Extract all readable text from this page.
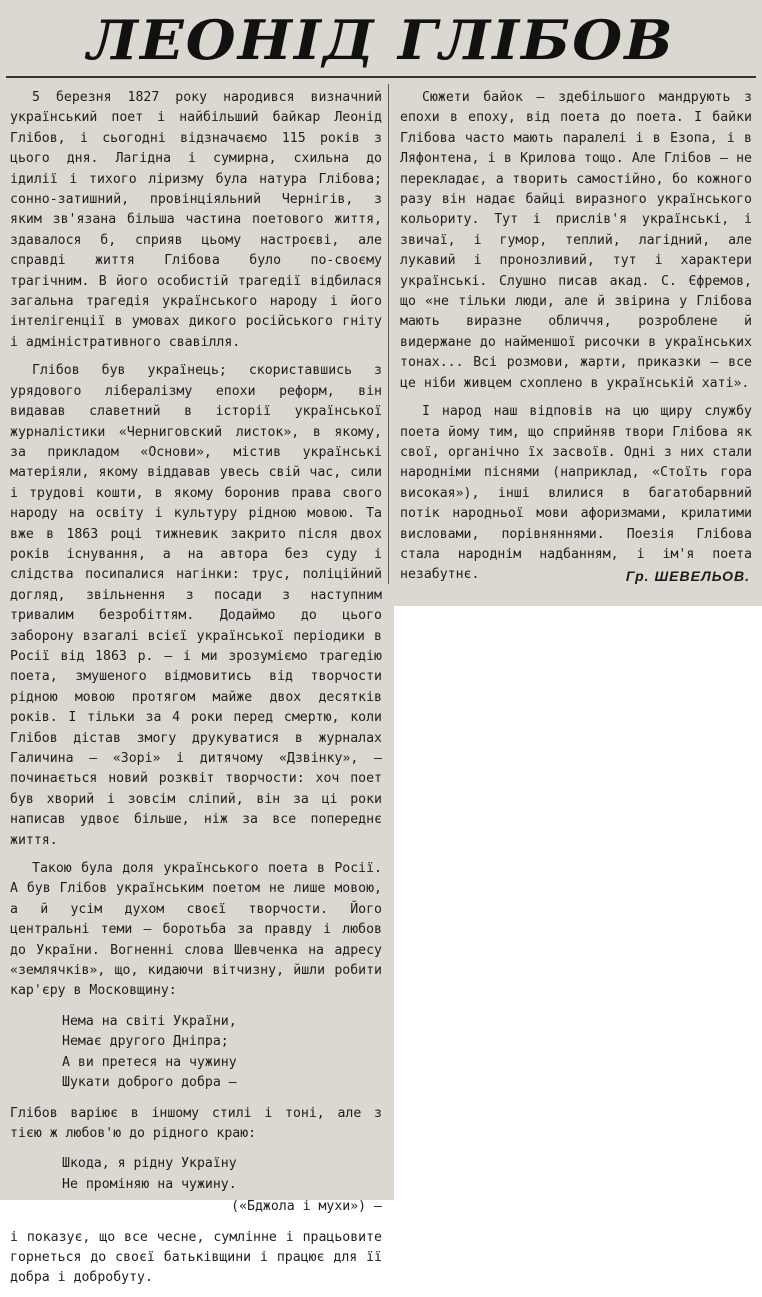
ЛЕОНІД ГЛІБОВ

5 березня 1827 року народився визначний український поет і найбільший байкар Леонід Глібов, і сьогодні відзначаємо 115 років з цього дня. Лагідна і сумирна, схильна до ідилії і тихого ліризму була натура Глібова; сонно-затишний, провінціяльний Чернігів, з яким зв'язана більша частина поетового життя, здавалося б, сприяв цьому настроєві, але справді життя Глібова було по-своєму трагічним. В його особистій трагедії відбилася загальна трагедія українського народу і його інтелігенції в умовах дикого російського гніту і адміністративного свавілля.

Глібов був українець; скориставшись з урядового лібералізму епохи реформ, він видавав славетний в історії української журналістики «Черниговский листок», в якому, за прикладом «Основи», містив українські матеріяли, якому віддавав увесь свій час, сили і трудові кошти, в якому боронив права свого народу на освіту і культуру рідною мовою. Та вже в 1863 році тижневик закрито після двох років існування, а на автора без суду і слідства посипалися нагінки: трус, поліційний догляд, звільнення з посади з наступним тривалим безробіттям. Додаймо до цього заборону взагалі всієї української періодики в Росії від 1863 р. — і ми зрозуміємо трагедію поета, змушеного відмовитись від творчости рідною мовою протягом майже двох десятків років. І тільки за 4 роки перед смертю, коли Глібов дістав змогу друкуватися в журналах Галичина — «Зорі» і дитячому «Дзвінку», — починається новий розквіт творчости: хоч поет був хворий і зовсім сліпий, він за ці роки написав удвоє більше, ніж за все попереднє життя.

Такою була доля українського поета в Росії. А був Глібов українським поетом не лише мовою, а й усім духом своєї творчости. Його центральні теми — боротьба за правду і любов до України. Вогненні слова Шевченка на адресу «землячків», що, кидаючи вітчизну, йшли робити кар'єру в Московщину:

Нема на світі України,
Немає другого Дніпра;
А ви претеся на чужину
Шукати доброго добра —

Глібов варіює в іншому стилі і тоні, але з тією ж любов'ю до рідного краю:

Шкода, я рідну Україну
Не проміняю на чужину.
(«Бджола і мухи») —

і показує, що все чесне, сумлінне і працьовите горнеться до своєї батьківщини і працює для її добра і добробуту.

Сюжети байок — здебільшого мандрують з епохи в епоху, від поета до поета. І байки Глібова часто мають паралелі і в Езопа, і в Ляфонтена, і в Крилова тощо. Але Глібов — не перекладає, а творить самостійно, бо кожного разу він надає байці виразного українського кольориту. Тут і прислів'я українські, і звичаї, і гумор, теплий, лагідний, але лукавий і пронозливий, тут і характери українські. Слушно писав акад. С. Єфремов, що «не тільки люди, але й звірина у Глібова мають виразне обличчя, розроблене й видержане до найменшої рисочки в українських тонах... Всі розмови, жарти, приказки — все це ніби живцем схоплено в українській хаті».

І народ наш відповів на цю щиру службу поета йому тим, що сприйняв твори Глібова як свої, органічно їх засвоїв. Одні з них стали народніми піснями (наприклад, «Стоїть гора високая»), інші влилися в багатобарвний потік народньої мови афоризмами, крилатими висловами, порівняннями. Поезія Глібова стала народнім надбанням, і ім'я поета незабутнє.	Гр. ШЕВЕЛЬОВ.
